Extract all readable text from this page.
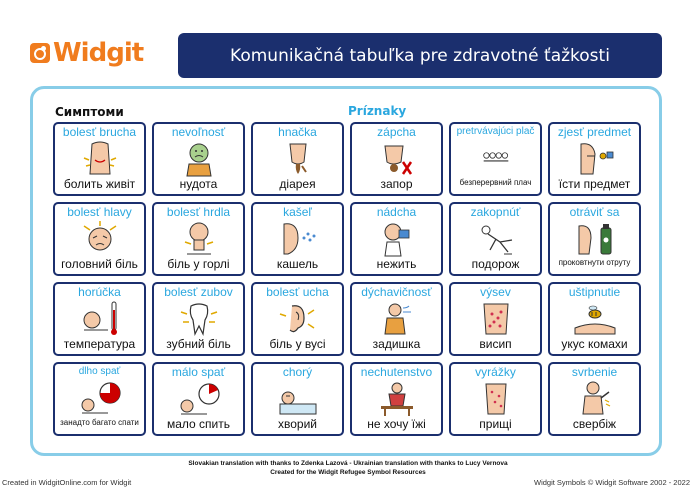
Widgit	Komunikačná tabuľka pre zdravotné ťažkosti
Симптоми	Príznaky
bolesť brucha
болить живіт
nevoľnosť
нудота
hnačka
діарея
zápcha
запор
pretrvávajúci plač
безперервний плач
zjesť predmet
їсти предмет
bolesť hlavy
головний біль
bolesť hrdla
біль у горлі
kašeľ
кашель
nádcha
нежить
zakopnúť
подорож
otráviť sa
проковтнути отруту
horúčka
температура
bolesť zubov
зубний біль
bolesť ucha
біль у вусі
dýchavičnosť
задишка
výsev
висип
uštipnutie
укус комахи
dlho spať
занадто багато спати
málo spať
мало спить
chorý
хворий
nechutenstvo
не хочу їжі
vyrážky
прищі
svrbenie
свербіж
Slovakian translation with thanks to Zdenka Lazová - Ukrainian translation with thanks to Lucy Vernova
Created for the Widgit Refugee Symbol Resources
Created in WidgitOnline.com for Widgit	Widgit Symbols © Widgit Software 2002 - 2022
